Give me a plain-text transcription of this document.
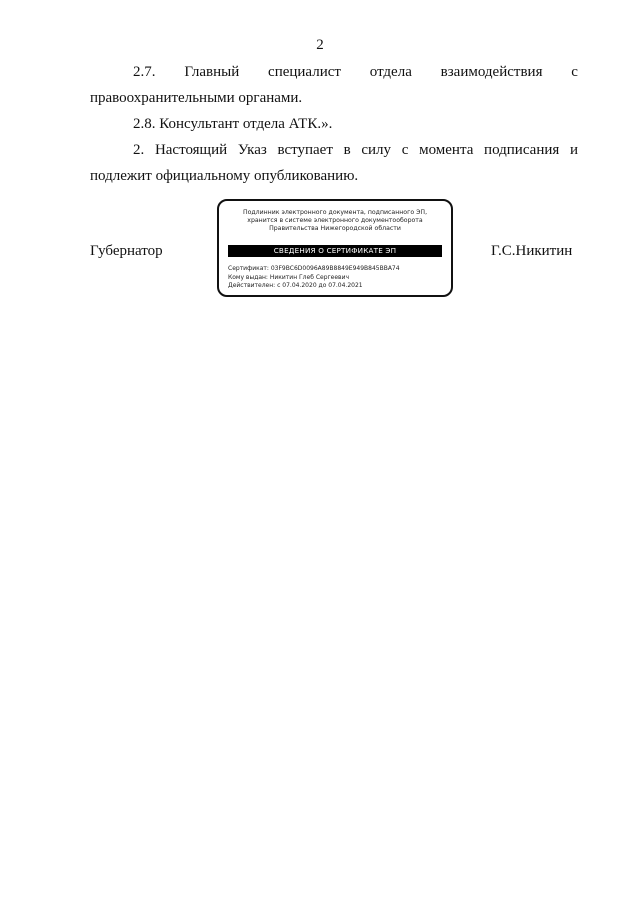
2
2.7. Главный специалист отдела взаимодействия с
правоохранительными органами.
2.8. Консультант отдела АТК.».
2. Настоящий Указ вступает в силу с момента подписания и
подлежит официальному опубликованию.
Губернатор	Г.С.Никитин
Подлинник электронного документа, подписанного ЭП,
хранится в системе электронного документооборота
Правительства Нижегородской области
СВЕДЕНИЯ О СЕРТИФИКАТЕ ЭП
Сертификат: 03F9BC6D0096A89B8849E949B845BBA74
Кому выдан: Никитин Глеб Сергеевич
Действителен: с 07.04.2020 до 07.04.2021
